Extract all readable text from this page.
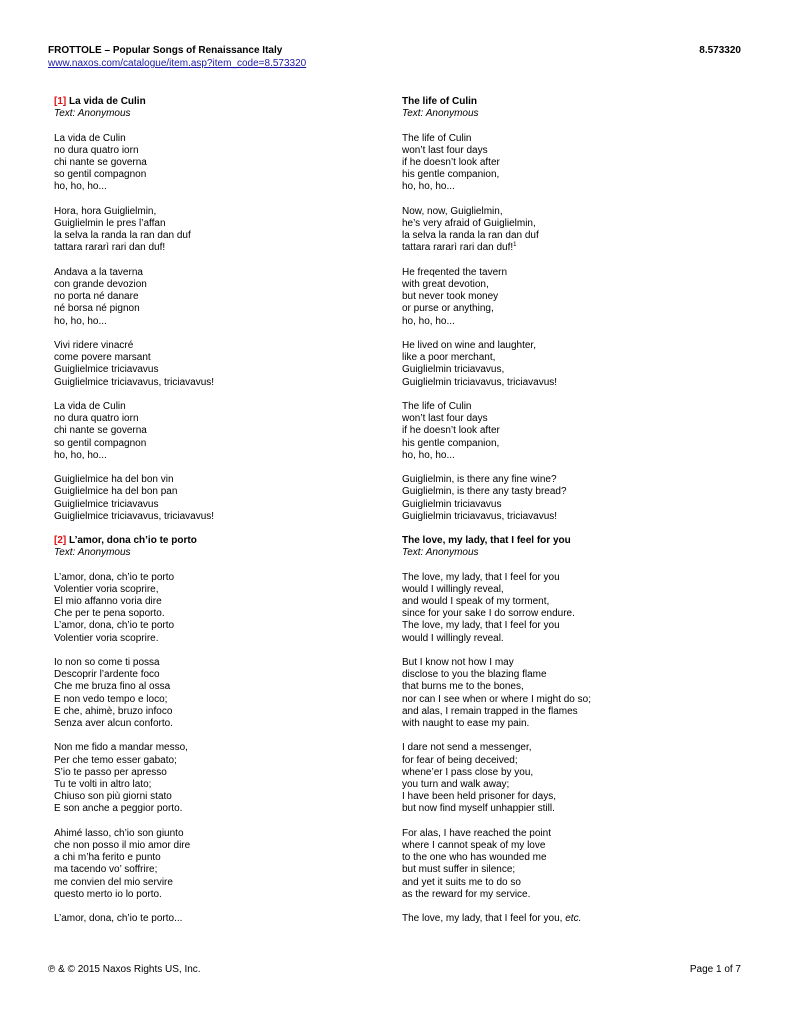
FROTTOLE – Popular Songs of Renaissance Italy	8.573320
www.naxos.com/catalogue/item.asp?item_code=8.573320
[1] La vida de Culin
Text: Anonymous
La vida de Culin
no dura quatro iorn
chi nante se governa
so gentil compagnon
ho, ho, ho...
Hora, hora Guiglielmin,
Guiglielmin le pres l’affan
la selva la randa la ran dan duf
tattara rararì rari dan duf!
Andava a la taverna
con grande devozion
no porta né danare
né borsa né pignon
ho, ho, ho...
Vivi ridere vinacré
come povere marsant
Guiglielmice triciavavus
Guiglielmice triciavavus, triciavavus!
La vida de Culin
no dura quatro iorn
chi nante se governa
so gentil compagnon
ho, ho, ho...
Guiglielmice ha del bon vin
Guiglielmice ha del bon pan
Guiglielmice triciavavus
Guiglielmice triciavavus, triciavavus!
[2] L’amor, dona ch’io te porto
Text: Anonymous
L’amor, dona, ch’io te porto
Volentier voria scoprire,
El mio affanno voria dire
Che per te pena soporto.
L’amor, dona, ch’io te porto
Volentier voria scoprire.
Io non so come ti possa
Descoprir l’ardente foco
Che me bruza fino al ossa
E non vedo tempo e loco;
E che, ahimè, bruzo infoco
Senza aver alcun conforto.
Non me fido a mandar messo,
Per che temo esser gabato;
S’io te passo per apresso
Tu te volti in altro lato;
Chiuso son più giorni stato
E son anche a peggior porto.
Ahimé lasso, ch’io son giunto
che non posso il mio amor dire
a chi m’ha ferito e punto
ma tacendo vo’ soffrire;
me convien del mio servire
questo merto io lo porto.
L’amor, dona, ch’io te porto...
The life of Culin
Text: Anonymous
The life of Culin
won’t last four days
if he doesn’t look after
his gentle companion,
ho, ho, ho...
Now, now, Guiglielmin,
he’s very afraid of Guiglielmin,
la selva la randa la ran dan duf
tattara rararì rari dan duf!$^1$
He freqented the tavern
with great devotion,
but never took money
or purse or anything,
ho, ho, ho...
He lived on wine and laughter,
like a poor merchant,
Guiglielmin triciavavus,
Guiglielmin triciavavus, triciavavus!
The life of Culin
won’t last four days
if he doesn’t look after
his gentle companion,
ho, ho, ho...
Guiglielmin, is there any fine wine?
Guiglielmin, is there any tasty bread?
Guiglielmin triciavavus
Guiglielmin triciavavus, triciavavus!
The love, my lady, that I feel for you
Text: Anonymous
The love, my lady, that I feel for you
would I willingly reveal,
and would I speak of my torment,
since for your sake I do sorrow endure.
The love, my lady, that I feel for you
would I willingly reveal.
But I know not how I may
disclose to you the blazing flame
that burns me to the bones,
nor can I see when or where I might do so;
and alas, I remain trapped in the flames
with naught to ease my pain.
I dare not send a messenger,
for fear of being deceived;
whene’er I pass close by you,
you turn and walk away;
I have been held prisoner for days,
but now find myself unhappier still.
For alas, I have reached the point
where I cannot speak of my love
to the one who has wounded me
but must suffer in silence;
and yet it suits me to do so
as the reward for my service.
The love, my lady, that I feel for you, etc.
℗ & © 2015 Naxos Rights US, Inc.	Page 1 of 7
